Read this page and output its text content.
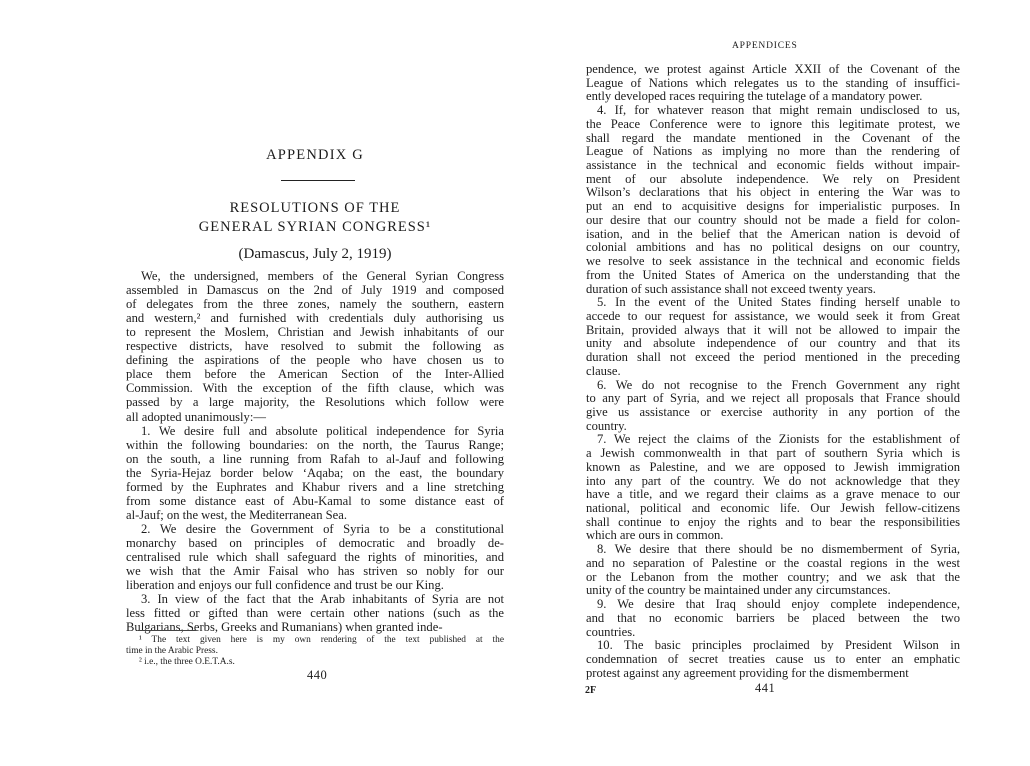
APPENDIX G
RESOLUTIONS OF THE
GENERAL SYRIAN CONGRESS¹
(Damascus, July 2, 1919)
We, the undersigned, members of the General Syrian Congress
assembled in Damascus on the 2nd of July 1919 and composed
of delegates from the three zones, namely the southern, eastern
and western,² and furnished with credentials duly authorising us
to represent the Moslem, Christian and Jewish inhabitants of our
respective districts, have resolved to submit the following as
defining the aspirations of the people who have chosen us to
place them before the American Section of the Inter-Allied
Commission. With the exception of the fifth clause, which was
passed by a large majority, the Resolutions which follow were
all adopted unanimously:—
1. We desire full and absolute political independence for Syria
within the following boundaries: on the north, the Taurus Range;
on the south, a line running from Rafah to al-Jauf and following
the Syria-Hejaz border below ‘Aqaba; on the east, the boundary
formed by the Euphrates and Khabur rivers and a line stretching
from some distance east of Abu-Kamal to some distance east of
al-Jauf; on the west, the Mediterranean Sea.
2. We desire the Government of Syria to be a constitutional
monarchy based on principles of democratic and broadly de-
centralised rule which shall safeguard the rights of minorities, and
we wish that the Amir Faisal who has striven so nobly for our
liberation and enjoys our full confidence and trust be our King.
3. In view of the fact that the Arab inhabitants of Syria are not
less fitted or gifted than were certain other nations (such as the
Bulgarians, Serbs, Greeks and Rumanians) when granted inde-
¹ The text given here is my own rendering of the text published at the
time in the Arabic Press.
² i.e., the three O.E.T.A.s.
440
APPENDICES
pendence, we protest against Article XXII of the Covenant of the
League of Nations which relegates us to the standing of insuffici-
ently developed races requiring the tutelage of a mandatory power.
4. If, for whatever reason that might remain undisclosed to us,
the Peace Conference were to ignore this legitimate protest, we
shall regard the mandate mentioned in the Covenant of the
League of Nations as implying no more than the rendering of
assistance in the technical and economic fields without impair-
ment of our absolute independence. We rely on President
Wilson’s declarations that his object in entering the War was to
put an end to acquisitive designs for imperialistic purposes. In
our desire that our country should not be made a field for colon-
isation, and in the belief that the American nation is devoid of
colonial ambitions and has no political designs on our country,
we resolve to seek assistance in the technical and economic fields
from the United States of America on the understanding that the
duration of such assistance shall not exceed twenty years.
5. In the event of the United States finding herself unable to
accede to our request for assistance, we would seek it from Great
Britain, provided always that it will not be allowed to impair the
unity and absolute independence of our country and that its
duration shall not exceed the period mentioned in the preceding
clause.
6. We do not recognise to the French Government any right
to any part of Syria, and we reject all proposals that France should
give us assistance or exercise authority in any portion of the
country.
7. We reject the claims of the Zionists for the establishment of
a Jewish commonwealth in that part of southern Syria which is
known as Palestine, and we are opposed to Jewish immigration
into any part of the country. We do not acknowledge that they
have a title, and we regard their claims as a grave menace to our
national, political and economic life. Our Jewish fellow-citizens
shall continue to enjoy the rights and to bear the responsibilities
which are ours in common.
8. We desire that there should be no dismemberment of Syria,
and no separation of Palestine or the coastal regions in the west
or the Lebanon from the mother country; and we ask that the
unity of the country be maintained under any circumstances.
9. We desire that Iraq should enjoy complete independence,
and that no economic barriers be placed between the two
countries.
10. The basic principles proclaimed by President Wilson in
condemnation of secret treaties cause us to enter an emphatic
protest against any agreement providing for the dismemberment
2F	441
